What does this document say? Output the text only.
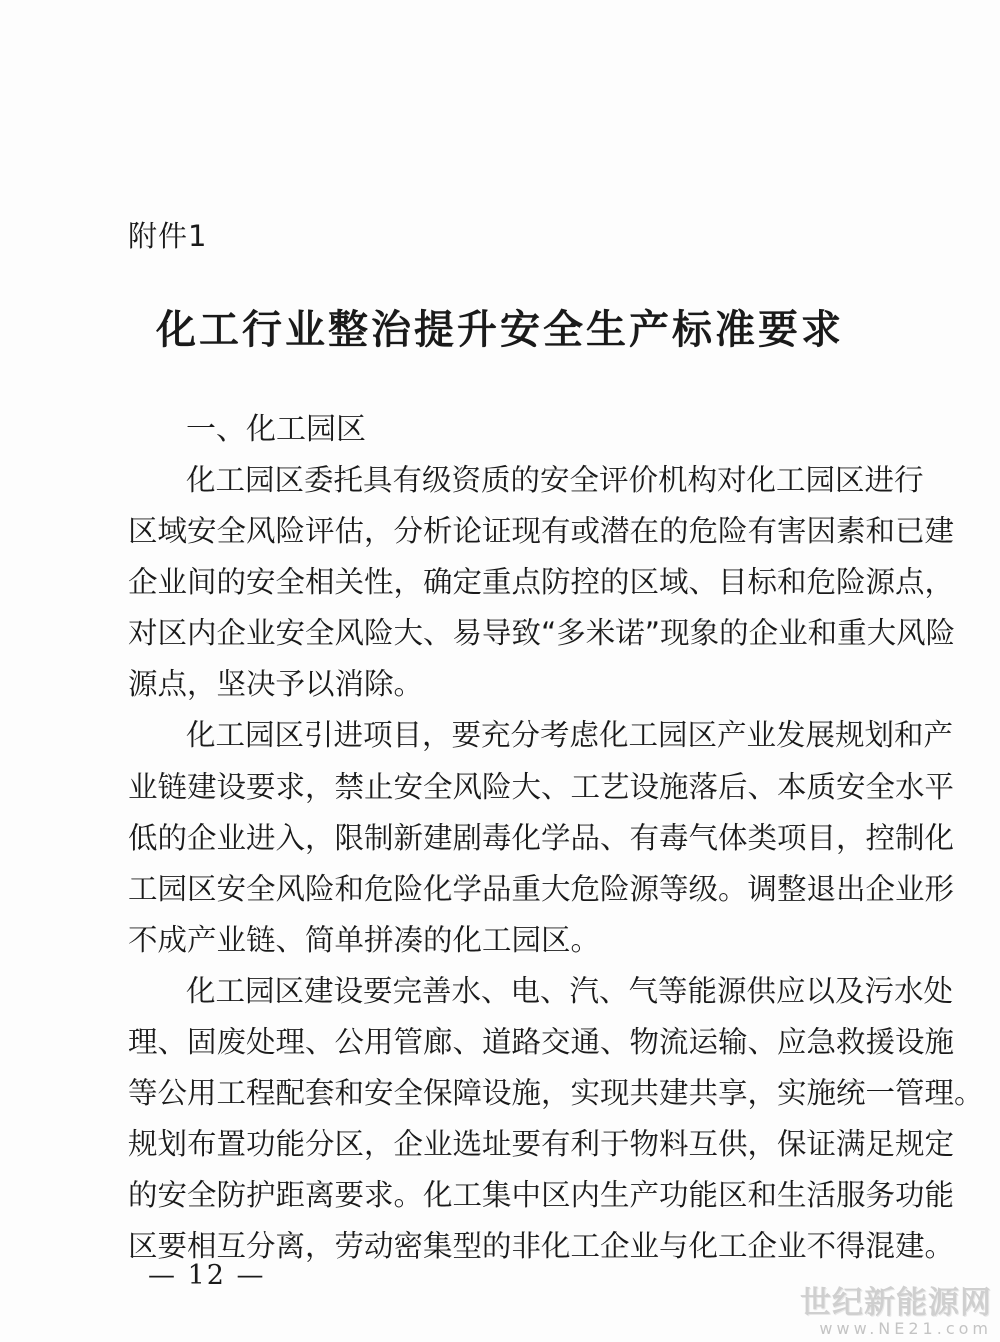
附件1
化工行业整治提升安全生产标准要求
一、化工园区
化工园区委托具有级资质的安全评价机构对化工园区进行
区域安全风险评估，分析论证现有或潜在的危险有害因素和已建
企业间的安全相关性，确定重点防控的区域、目标和危险源点，
对区内企业安全风险大、易导致“多米诺”现象的企业和重大风险
源点，坚决予以消除。
化工园区引进项目，要充分考虑化工园区产业发展规划和产
业链建设要求，禁止安全风险大、工艺设施落后、本质安全水平
低的企业进入，限制新建剧毒化学品、有毒气体类项目，控制化
工园区安全风险和危险化学品重大危险源等级。调整退出企业形
不成产业链、简单拼凑的化工园区。
化工园区建设要完善水、电、汽、气等能源供应以及污水处
理、固废处理、公用管廊、道路交通、物流运输、应急救援设施
等公用工程配套和安全保障设施，实现共建共享，实施统一管理。
规划布置功能分区，企业选址要有利于物料互供，保证满足规定
的安全防护距离要求。化工集中区内生产功能区和生活服务功能
区要相互分离，劳动密集型的非化工企业与化工企业不得混建。
— 12 —
世纪新能源网
www.NE21.com
